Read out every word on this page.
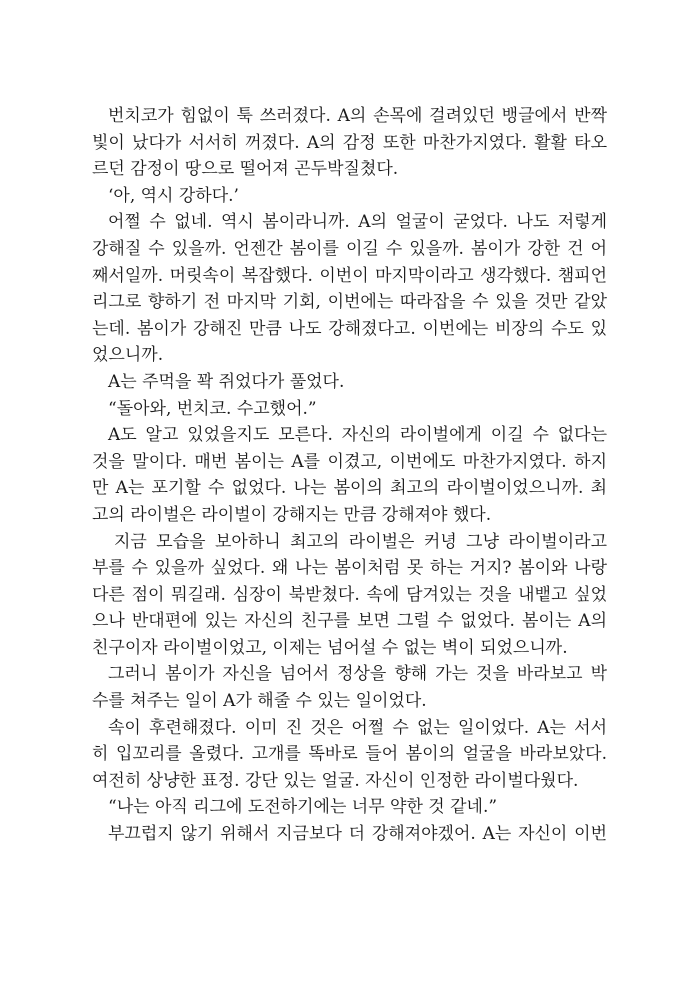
번치코가 힘없이 툭 쓰러졌다. A의 손목에 걸려있던 뱅글에서 반짝
빛이 났다가 서서히 꺼졌다. A의 감정 또한 마찬가지였다. 활활 타오
르던 감정이 땅으로 떨어져 곤두박질쳤다.
‘아, 역시 강하다.’
어쩔 수 없네. 역시 봄이라니까. A의 얼굴이 굳었다. 나도 저렇게
강해질 수 있을까. 언젠간 봄이를 이길 수 있을까. 봄이가 강한 건 어
째서일까. 머릿속이 복잡했다. 이번이 마지막이라고 생각했다. 챔피언
리그로 향하기 전 마지막 기회, 이번에는 따라잡을 수 있을 것만 같았
는데. 봄이가 강해진 만큼 나도 강해졌다고. 이번에는 비장의 수도 있
었으니까.
A는 주먹을 꽉 쥐었다가 풀었다.
“돌아와, 번치코. 수고했어.”
A도 알고 있었을지도 모른다. 자신의 라이벌에게 이길 수 없다는
것을 말이다. 매번 봄이는 A를 이겼고, 이번에도 마찬가지였다. 하지
만 A는 포기할 수 없었다. 나는 봄이의 최고의 라이벌이었으니까. 최
고의 라이벌은 라이벌이 강해지는 만큼 강해져야 했다.
지금 모습을 보아하니 최고의 라이벌은 커녕 그냥 라이벌이라고
부를 수 있을까 싶었다. 왜 나는 봄이처럼 못 하는 거지? 봄이와 나랑
다른 점이 뭐길래. 심장이 북받쳤다. 속에 담겨있는 것을 내뱉고 싶었
으나 반대편에 있는 자신의 친구를 보면 그럴 수 없었다. 봄이는 A의
친구이자 라이벌이었고, 이제는 넘어설 수 없는 벽이 되었으니까.
그러니 봄이가 자신을 넘어서 정상을 향해 가는 것을 바라보고 박
수를 쳐주는 일이 A가 해줄 수 있는 일이었다.
속이 후련해졌다. 이미 진 것은 어쩔 수 없는 일이었다. A는 서서
히 입꼬리를 올렸다. 고개를 똑바로 들어 봄이의 얼굴을 바라보았다.
여전히 상냥한 표정. 강단 있는 얼굴. 자신이 인정한 라이벌다웠다.
“나는 아직 리그에 도전하기에는 너무 약한 것 같네.”
부끄럽지 않기 위해서 지금보다 더 강해져야겠어. A는 자신이 이번
